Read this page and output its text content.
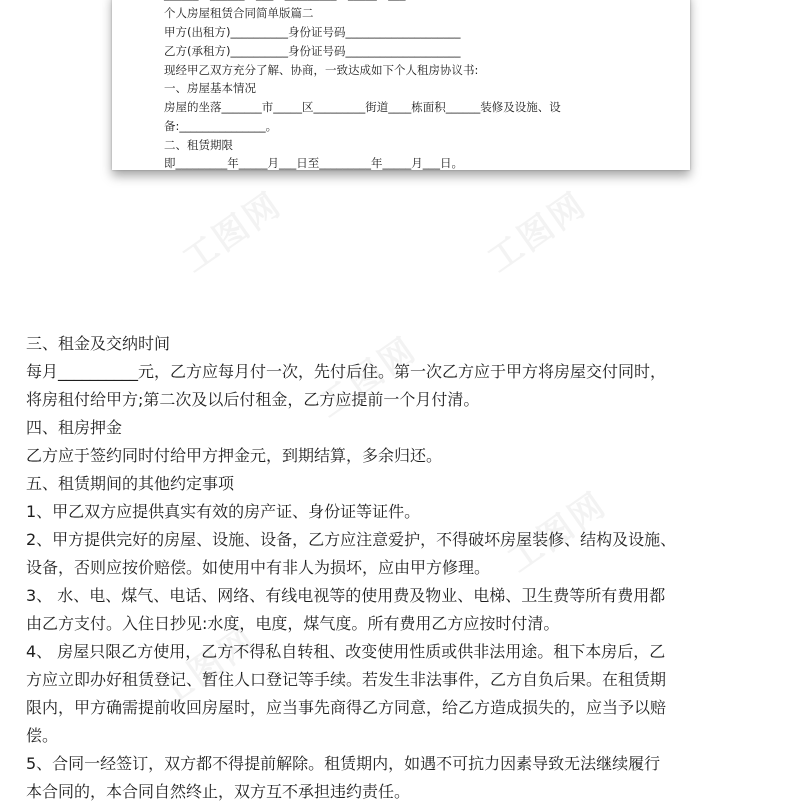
个人房屋租赁合同简单版篇二
甲方(出租方)__________身份证号码____________________
乙方(承租方)__________身份证号码____________________
现经甲乙双方充分了解、协商，一致达成如下个人租房协议书:
一、房屋基本情况
房屋的坐落_______市_____区_________街道____栋面积______装修及设施、设
备:_______________。
二、租赁期限
即_________年_____月___日至_________年_____月___日。
工图网	工图网
工图网
工图网
工图网
三、租金及交纳时间
每月__________元，乙方应每月付一次，先付后住。第一次乙方应于甲方将房屋交付同时，
将房租付给甲方;第二次及以后付租金，乙方应提前一个月付清。
四、租房押金
乙方应于签约同时付给甲方押金元，到期结算，多余归还。
五、租赁期间的其他约定事项
1、甲乙双方应提供真实有效的房产证、身份证等证件。
2、甲方提供完好的房屋、设施、设备，乙方应注意爱护，不得破坏房屋装修、结构及设施、
设备，否则应按价赔偿。如使用中有非人为损坏，应由甲方修理。
3、 水、电、煤气、电话、网络、有线电视等的使用费及物业、电梯、卫生费等所有费用都
由乙方支付。入住日抄见:水度，电度，煤气度。所有费用乙方应按时付清。
4、 房屋只限乙方使用，乙方不得私自转租、改变使用性质或供非法用途。租下本房后，乙
方应立即办好租赁登记、暂住人口登记等手续。若发生非法事件，乙方自负后果。在租赁期
限内，甲方确需提前收回房屋时，应当事先商得乙方同意，给乙方造成损失的，应当予以赔
偿。
5、合同一经签订，双方都不得提前解除。租赁期内，如遇不可抗力因素导致无法继续履行
本合同的，本合同自然终止，双方互不承担违约责任。
